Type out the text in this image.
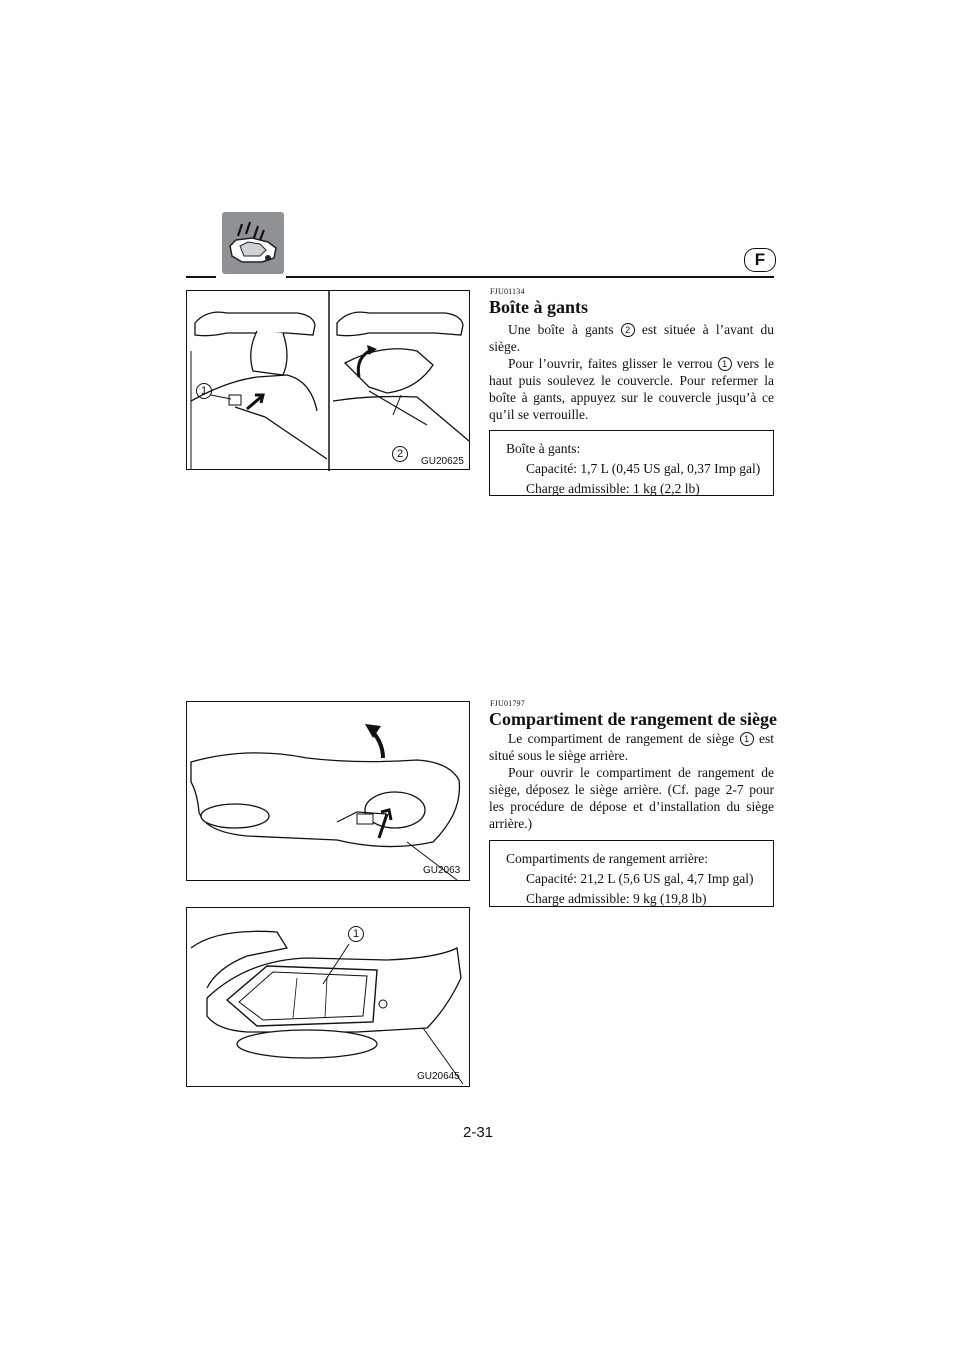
F
1
2
GU20625
FJU01134
Boîte à gants

Une boîte à gants 2 est située à l’avant du siège.

Pour l’ouvrir, faites glisser le verrou 1 vers le haut puis soulevez le couvercle. Pour refermer la boîte à gants, appuyez sur le couvercle jusqu’à ce qu’il se verrouille.

Boîte à gants:
Capacité: 1,7 L (0,45 US gal, 0,37 Imp gal)
Charge admissible: 1 kg (2,2 lb)
GU2063
1
GU20645
FJU01797
Compartiment de rangement de siège

Le compartiment de rangement de siège 1 est situé sous le siège arrière.

Pour ouvrir le compartiment de rangement de siège, déposez le siège arrière. (Cf. page 2-7 pour les procédure de dépose et d’installation du siège arrière.)

Compartiments de rangement arrière:
Capacité: 21,2 L (5,6 US gal, 4,7 Imp gal)
Charge admissible: 9 kg (19,8 lb)
2-31
